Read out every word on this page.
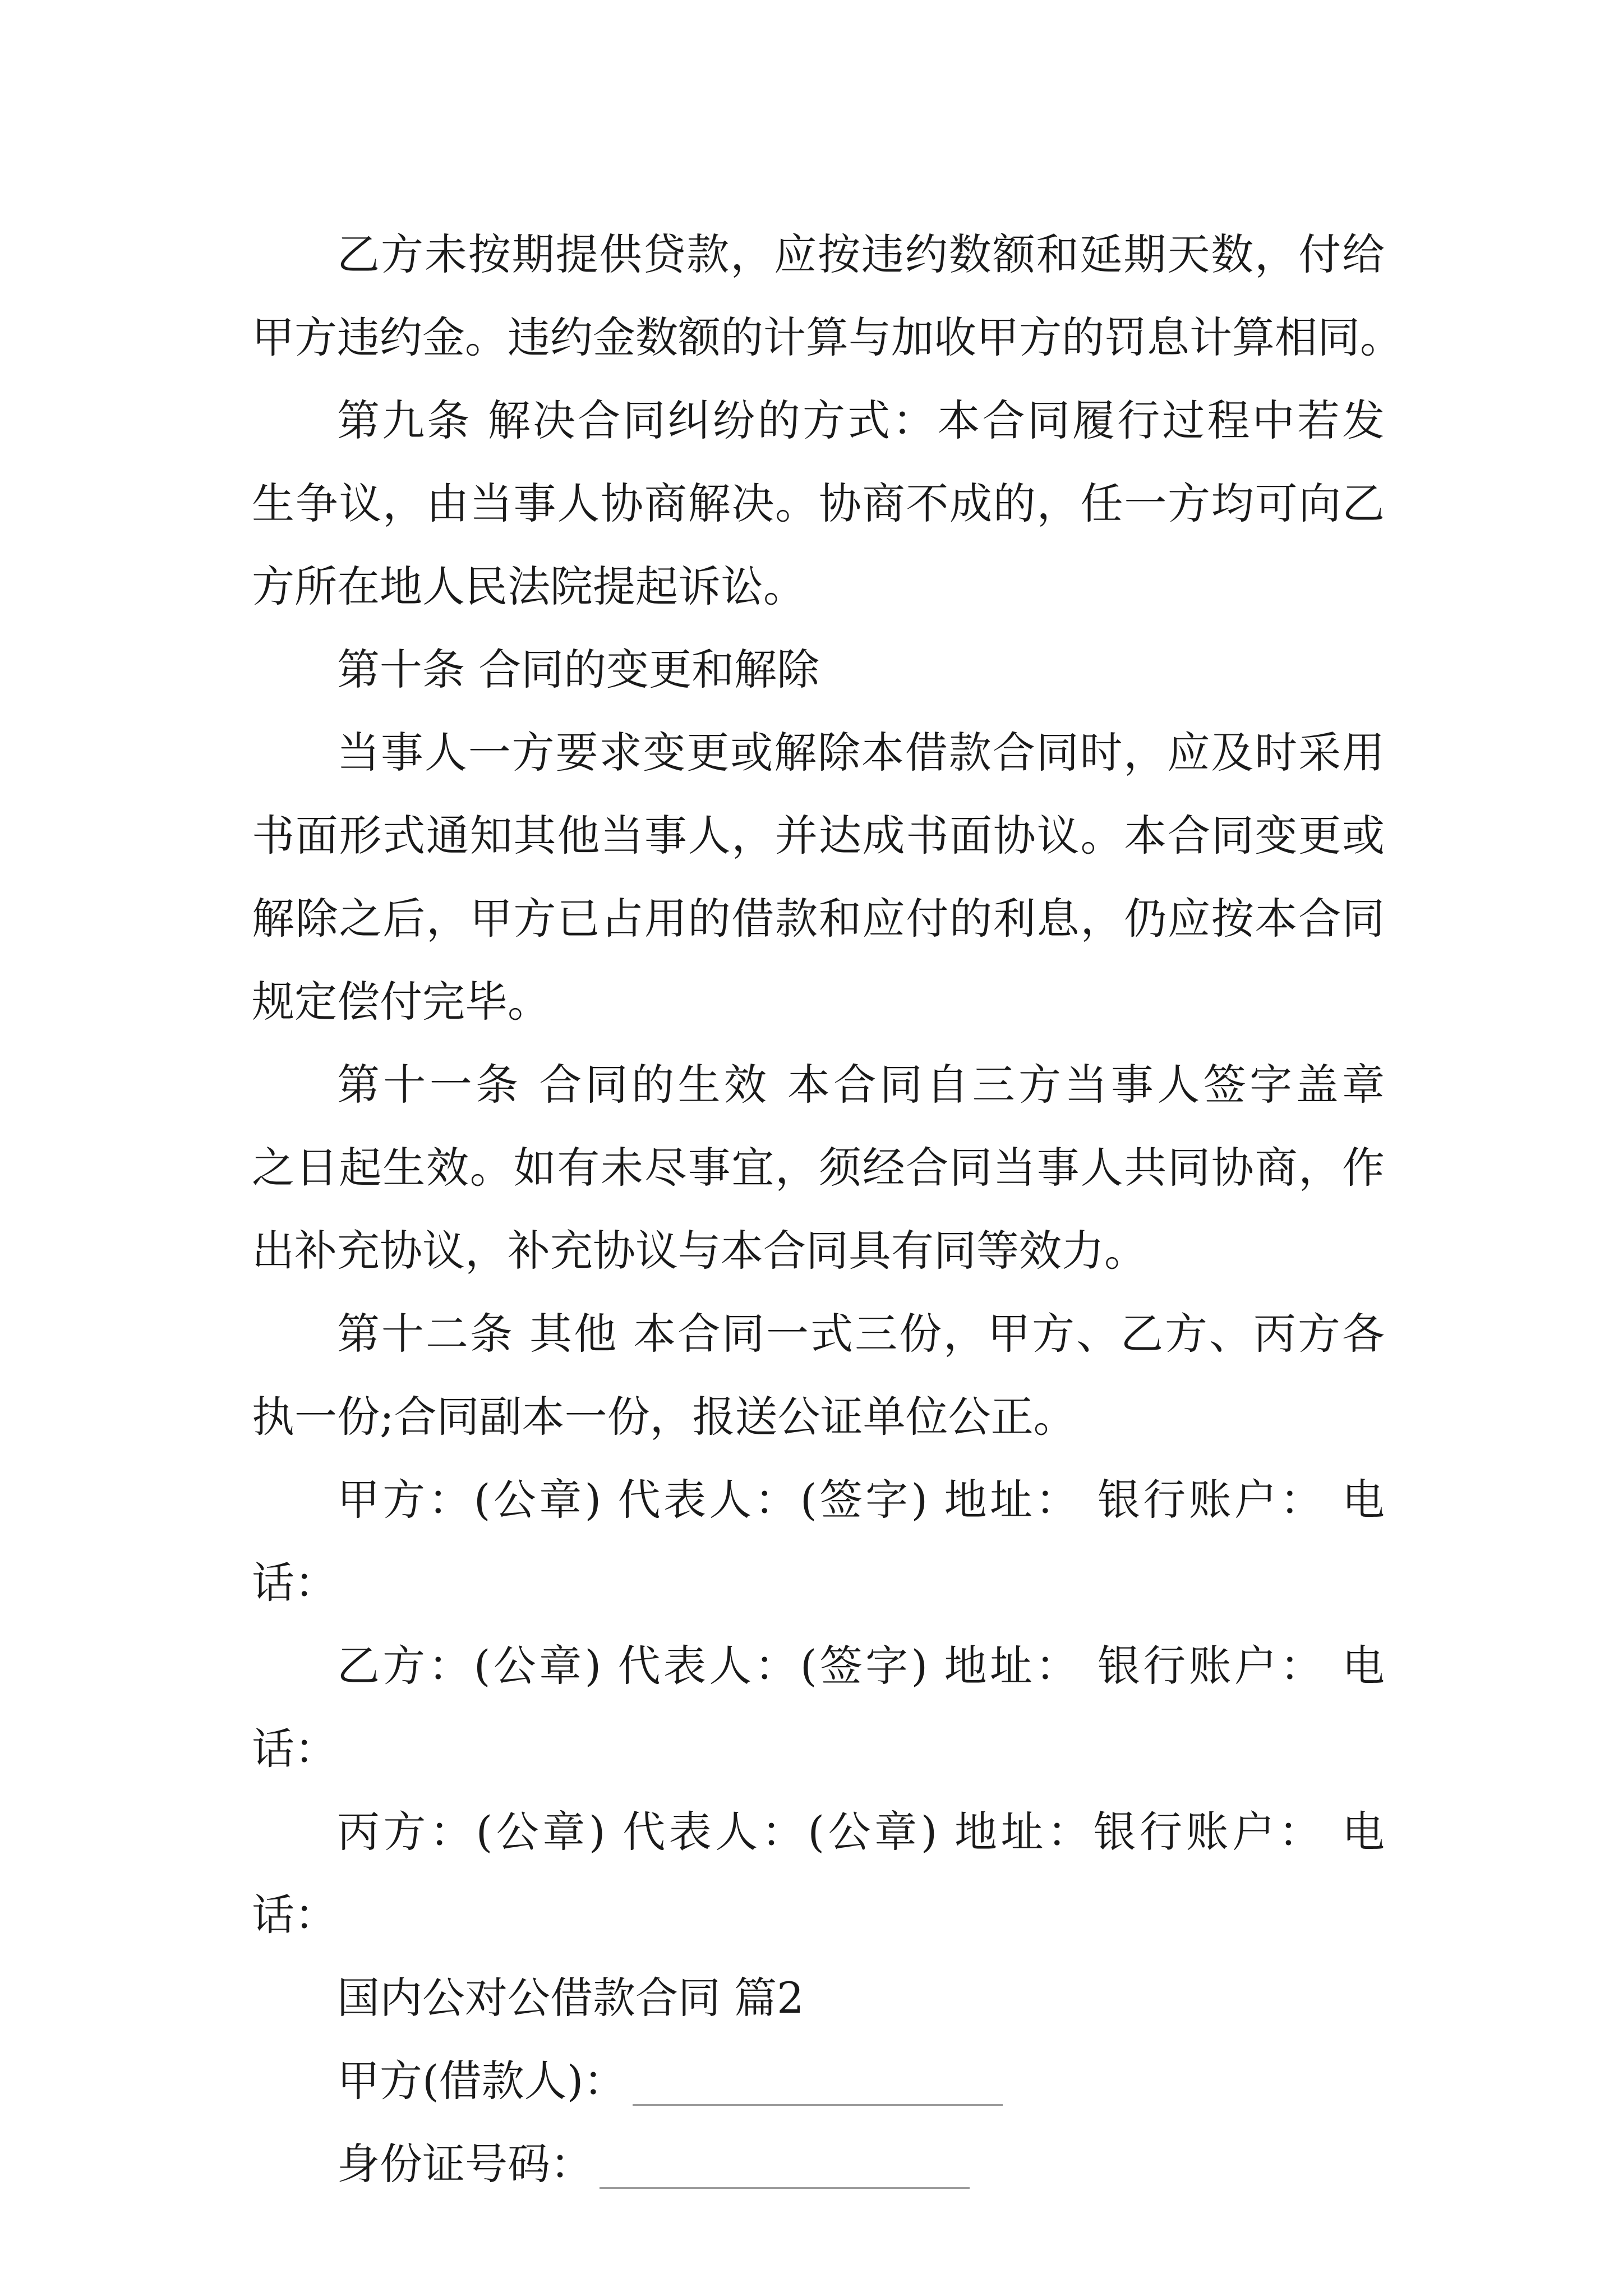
乙方未按期提供贷款，应按违约数额和延期天数，付给
甲方违约金。违约金数额的计算与加收甲方的罚息计算相同。
第九条 解决合同纠纷的方式：本合同履行过程中若发
生争议，由当事人协商解决。协商不成的，任一方均可向乙
方所在地人民法院提起诉讼。
第十条 合同的变更和解除
当事人一方要求变更或解除本借款合同时，应及时采用
书面形式通知其他当事人，并达成书面协议。本合同变更或
解除之后，甲方已占用的借款和应付的利息，仍应按本合同
规定偿付完毕。
第十一条 合同的生效 本合同自三方当事人签字盖章
之日起生效。如有未尽事宜，须经合同当事人共同协商，作
出补充协议，补充协议与本合同具有同等效力。
第十二条 其他 本合同一式三份，甲方、乙方、丙方各
执一份;合同副本一份，报送公证单位公正。
甲方：(公章) 代表人：(签字) 地址： 银行账户： 电
话：
乙方：(公章) 代表人：(签字) 地址： 银行账户： 电
话：
丙方：(公章) 代表人：(公章) 地址：银行账户： 电
话：
国内公对公借款合同 篇2
甲方(借款人)：
身份证号码：
